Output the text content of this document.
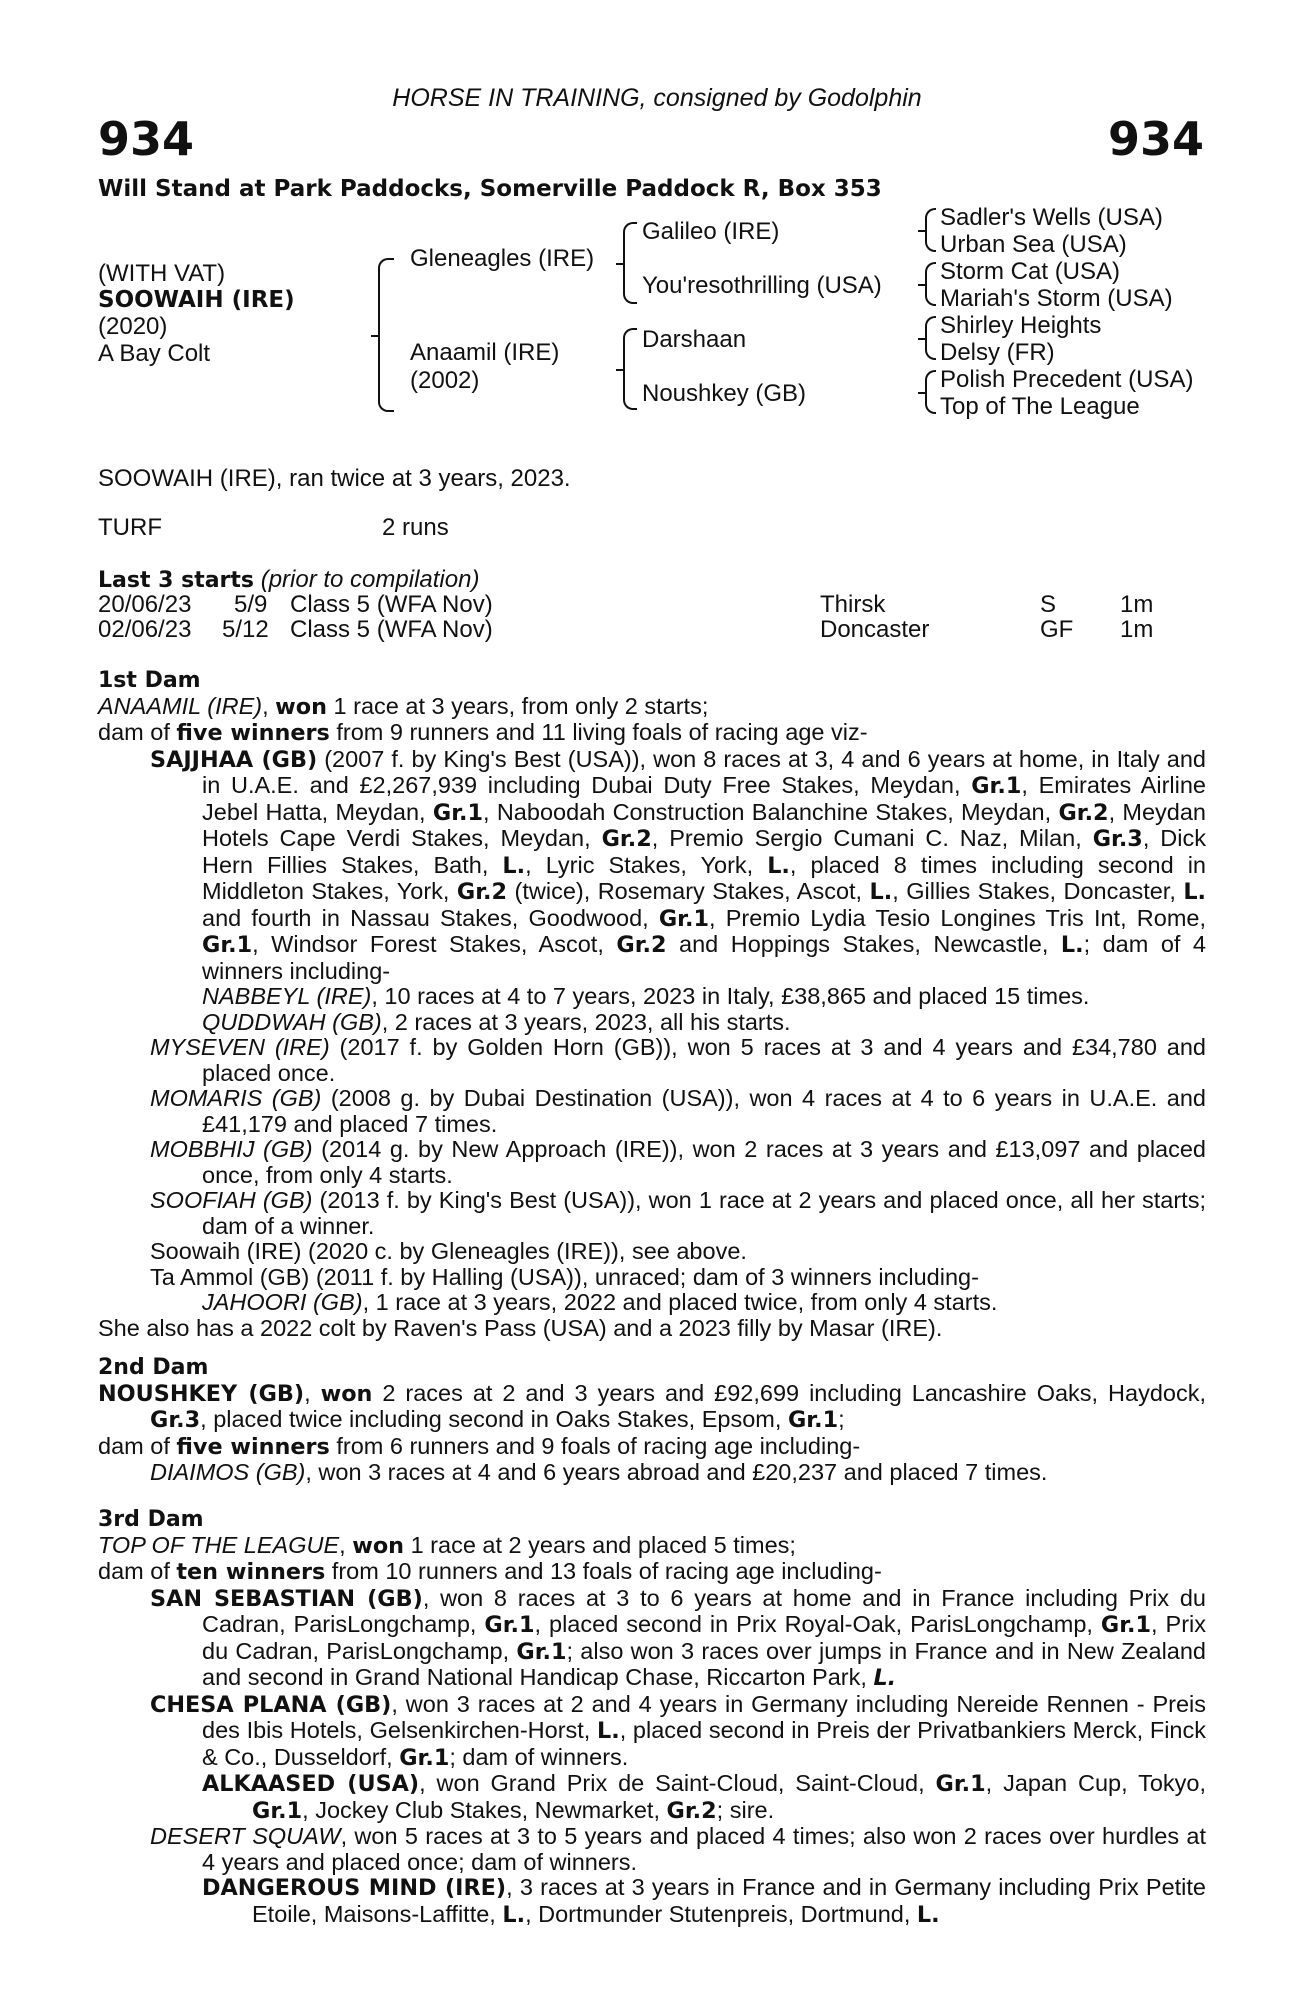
HORSE IN TRAINING, consigned by Godolphin
934	934
Will Stand at Park Paddocks, Somerville Paddock R, Box 353
(WITH VAT)
SOOWAIH (IRE)
(2020)
A Bay Colt
Gleneagles (IRE)
Anaamil (IRE)
(2002)
Galileo (IRE)
You'resothrilling (USA)
Darshaan
Noushkey (GB)
Sadler's Wells (USA)
Urban Sea (USA)
Storm Cat (USA)
Mariah's Storm (USA)
Shirley Heights
Delsy (FR)
Polish Precedent (USA)
Top of The League
SOOWAIH (IRE), ran twice at 3 years, 2023.
TURF	2 runs
Last 3 starts (prior to compilation)
20/06/23 5/9 Class 5 (WFA Nov)	Thirsk	S	1m
02/06/23 5/12 Class 5 (WFA Nov)	Doncaster	GF 1m

1st Dam

ANAAMIL (IRE), won 1 race at 3 years, from only 2 starts;

dam of five winners from 9 runners and 11 living foals of racing age viz-

SAJJHAA (GB) (2007 f. by King's Best (USA)), won 8 races at 3, 4 and 6 years at home, in Italy and in U.A.E. and £2,267,939 including Dubai Duty Free Stakes, Meydan, Gr.1, Emirates Airline Jebel Hatta, Meydan, Gr.1, Naboodah Construction Balanchine Stakes, Meydan, Gr.2, Meydan Hotels Cape Verdi Stakes, Meydan, Gr.2, Premio Sergio Cumani C. Naz, Milan, Gr.3, Dick Hern Fillies Stakes, Bath, L., Lyric Stakes, York, L., placed 8 times including second in Middleton Stakes, York, Gr.2 (twice), Rosemary Stakes, Ascot, L., Gillies Stakes, Doncaster, L. and fourth in Nassau Stakes, Goodwood, Gr.1, Premio Lydia Tesio Longines Tris Int, Rome, Gr.1, Windsor Forest Stakes, Ascot, Gr.2 and Hoppings Stakes, Newcastle, L.; dam of 4 winners including-

NABBEYL (IRE), 10 races at 4 to 7 years, 2023 in Italy, £38,865 and placed 15 times.

QUDDWAH (GB), 2 races at 3 years, 2023, all his starts.

MYSEVEN (IRE) (2017 f. by Golden Horn (GB)), won 5 races at 3 and 4 years and £34,780 and placed once.

MOMARIS (GB) (2008 g. by Dubai Destination (USA)), won 4 races at 4 to 6 years in U.A.E. and £41,179 and placed 7 times.

MOBBHIJ (GB) (2014 g. by New Approach (IRE)), won 2 races at 3 years and £13,097 and placed once, from only 4 starts.

SOOFIAH (GB) (2013 f. by King's Best (USA)), won 1 race at 2 years and placed once, all her starts; dam of a winner.

Soowaih (IRE) (2020 c. by Gleneagles (IRE)), see above.

Ta Ammol (GB) (2011 f. by Halling (USA)), unraced; dam of 3 winners including-

JAHOORI (GB), 1 race at 3 years, 2022 and placed twice, from only 4 starts.

She also has a 2022 colt by Raven's Pass (USA) and a 2023 filly by Masar (IRE).

2nd Dam

NOUSHKEY (GB), won 2 races at 2 and 3 years and £92,699 including Lancashire Oaks, Haydock, Gr.3, placed twice including second in Oaks Stakes, Epsom, Gr.1;

dam of five winners from 6 runners and 9 foals of racing age including-

DIAIMOS (GB), won 3 races at 4 and 6 years abroad and £20,237 and placed 7 times.

3rd Dam

TOP OF THE LEAGUE, won 1 race at 2 years and placed 5 times;

dam of ten winners from 10 runners and 13 foals of racing age including-

SAN SEBASTIAN (GB), won 8 races at 3 to 6 years at home and in France including Prix du Cadran, ParisLongchamp, Gr.1, placed second in Prix Royal-Oak, ParisLongchamp, Gr.1, Prix du Cadran, ParisLongchamp, Gr.1; also won 3 races over jumps in France and in New Zealand and second in Grand National Handicap Chase, Riccarton Park, L.

CHESA PLANA (GB), won 3 races at 2 and 4 years in Germany including Nereide Rennen - Preis des Ibis Hotels, Gelsenkirchen-Horst, L., placed second in Preis der Privatbankiers Merck, Finck & Co., Dusseldorf, Gr.1; dam of winners.

ALKAASED (USA), won Grand Prix de Saint-Cloud, Saint-Cloud, Gr.1, Japan Cup, Tokyo, Gr.1, Jockey Club Stakes, Newmarket, Gr.2; sire.

DESERT SQUAW, won 5 races at 3 to 5 years and placed 4 times; also won 2 races over hurdles at 4 years and placed once; dam of winners.

DANGEROUS MIND (IRE), 3 races at 3 years in France and in Germany including Prix Petite Etoile, Maisons-Laffitte, L., Dortmunder Stutenpreis, Dortmund, L.
